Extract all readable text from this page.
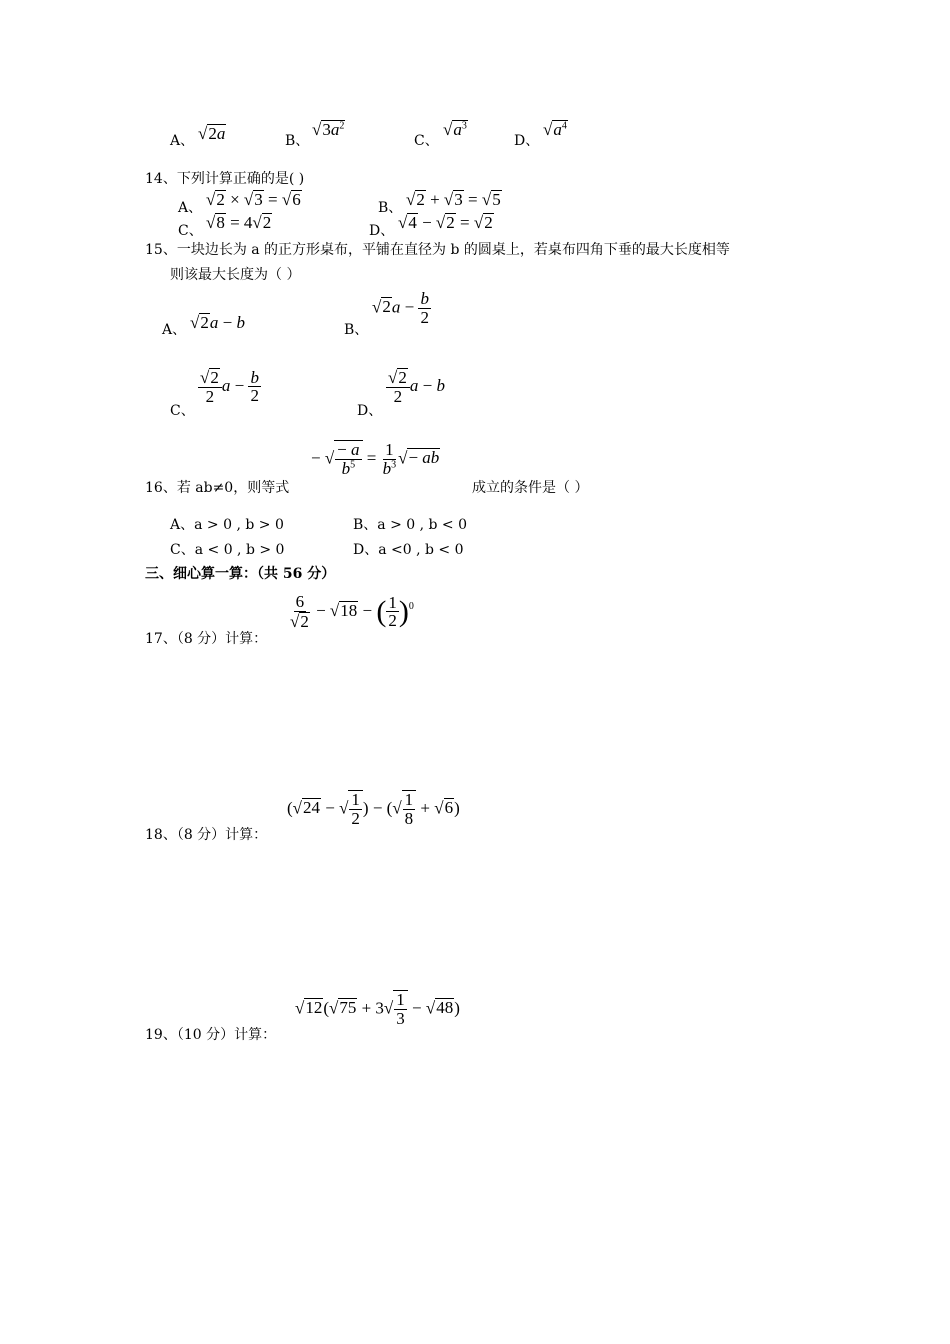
A、 √2a	B、
$√3a^2$
C、
$√a^3$
D、
$√a^4$
14、下列计算正确的是( )
A、 √2 × √3 = √6	B、 √2 + √3 = √5
C、 √8 = 4√2	D、 √4 − √2 = √2
15、一块边长为 a 的正方形桌布，平铺在直径为 b 的圆桌上，若桌布四角下垂的最大长度相等
则该最大长度为（ ）
A、 √2a − b	B、
$√2a - \frac{b}{2}$
C、
$\frac{√2}{2}$ $a - \frac{b}{2}$
D、
$\frac{√2}{2}$ a − b
16、若 ab≠0，则等式
− √ $\frac{- a}{b^5} = \frac{1}{b^3}$ √− ab
成立的条件是（ ）
A、a > 0 , b > 0	B、a > 0 , b < 0
C、a < 0 , b > 0	D、a <0 , b < 0
三、细心算一算：（共 56 分）
17、（8 分）计算：
$\frac{6}{√2} - √18$ − ( $\frac{1}{2} )^0$
18、（8 分）计算：
(√24 − √ $\frac{1}{2}$ ) − (√ $\frac{1}{8} + √6$)
19、（10 分）计算：
$√12(√75 + 3√ \frac{1}{3} - √48)$
